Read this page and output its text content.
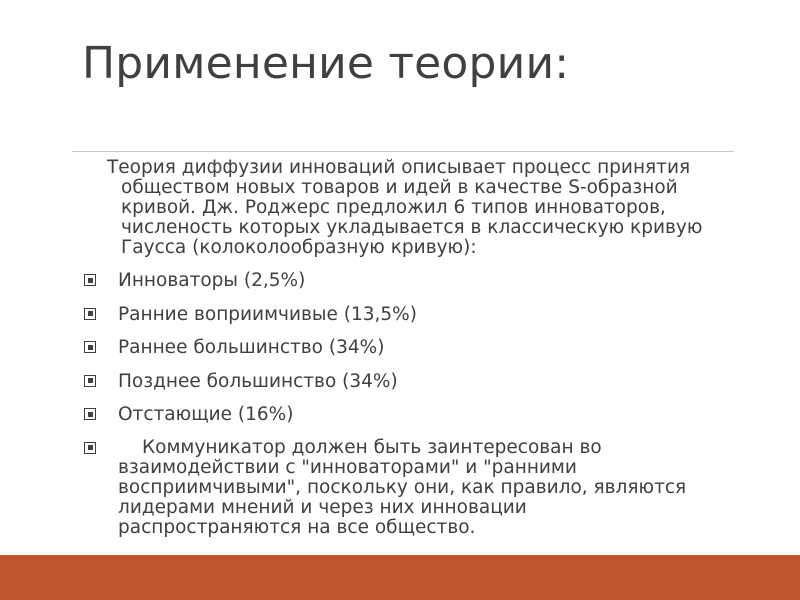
Применение теории:
Теория диффузии инноваций описывает процесс принятия
обществом новых товаров и идей в качестве S-образной
кривой. Дж. Роджерс предложил 6 типов инноваторов,
численость которых укладывается в классическую кривую
Гаусса (колоколообразную кривую):
Инноваторы (2,5%)
Ранние воприимчивые (13,5%)
Раннее большинство (34%)
Позднее большинство (34%)
Отстающие (16%)
Коммуникатор должен быть заинтересован во
взаимодействии с "инноваторами" и "ранними
восприимчивыми", поскольку они, как правило, являются
лидерами мнений и через них инновации
распространяются на все общество.
